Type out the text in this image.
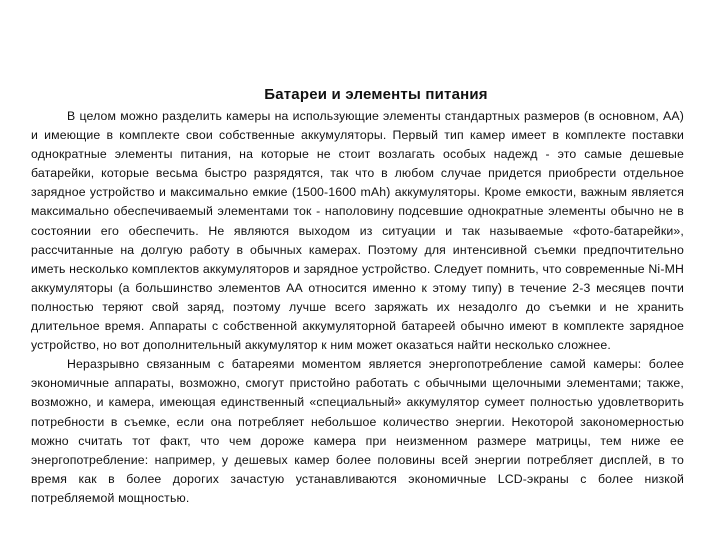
Батареи и элементы питания

В целом можно разделить камеры на использующие элементы стандартных размеров (в основном, АА) и имеющие в комплекте свои собственные аккумуляторы. Первый тип камер имеет в комплекте поставки однократные элементы питания, на которые не стоит возлагать особых надежд - это самые дешевые батарейки, которые весьма быстро разрядятся, так что в любом случае придется приобрести отдельное зарядное устройство и максимально емкие (1500-1600 mAh) аккумуляторы. Кроме емкости, важным является максимально обеспечиваемый элементами ток - наполовину подсевшие однократные элементы обычно не в состоянии его обеспечить. Не являются выходом из ситуации и так называемые «фото-батарейки», рассчитанные на долгую работу в обычных камерах. Поэтому для интенсивной съемки предпочтительно иметь несколько комплектов аккумуляторов и зарядное устройство. Следует помнить, что современные Ni-MH аккумуляторы (а большинство элементов АА относится именно к этому типу) в течение 2-3 месяцев почти полностью теряют свой заряд, поэтому лучше всего заряжать их незадолго до съемки и не хранить длительное время. Аппараты с собственной аккумуляторной батареей обычно имеют в комплекте зарядное устройство, но вот дополнительный аккумулятор к ним может оказаться найти несколько сложнее.

Неразрывно связанным с батареями моментом является энергопотребление самой камеры: более экономичные аппараты, возможно, смогут пристойно работать с обычными щелочными элементами; также, возможно, и камера, имеющая единственный «специальный» аккумулятор сумеет полностью удовлетворить потребности в съемке, если она потребляет небольшое количество энергии. Некоторой закономерностью можно считать тот факт, что чем дороже камера при неизменном размере матрицы, тем ниже ее энергопотребление: например, у дешевых камер более половины всей энергии потребляет дисплей, в то время как в более дорогих зачастую устанавливаются экономичные LCD-экраны с более низкой потребляемой мощностью.
